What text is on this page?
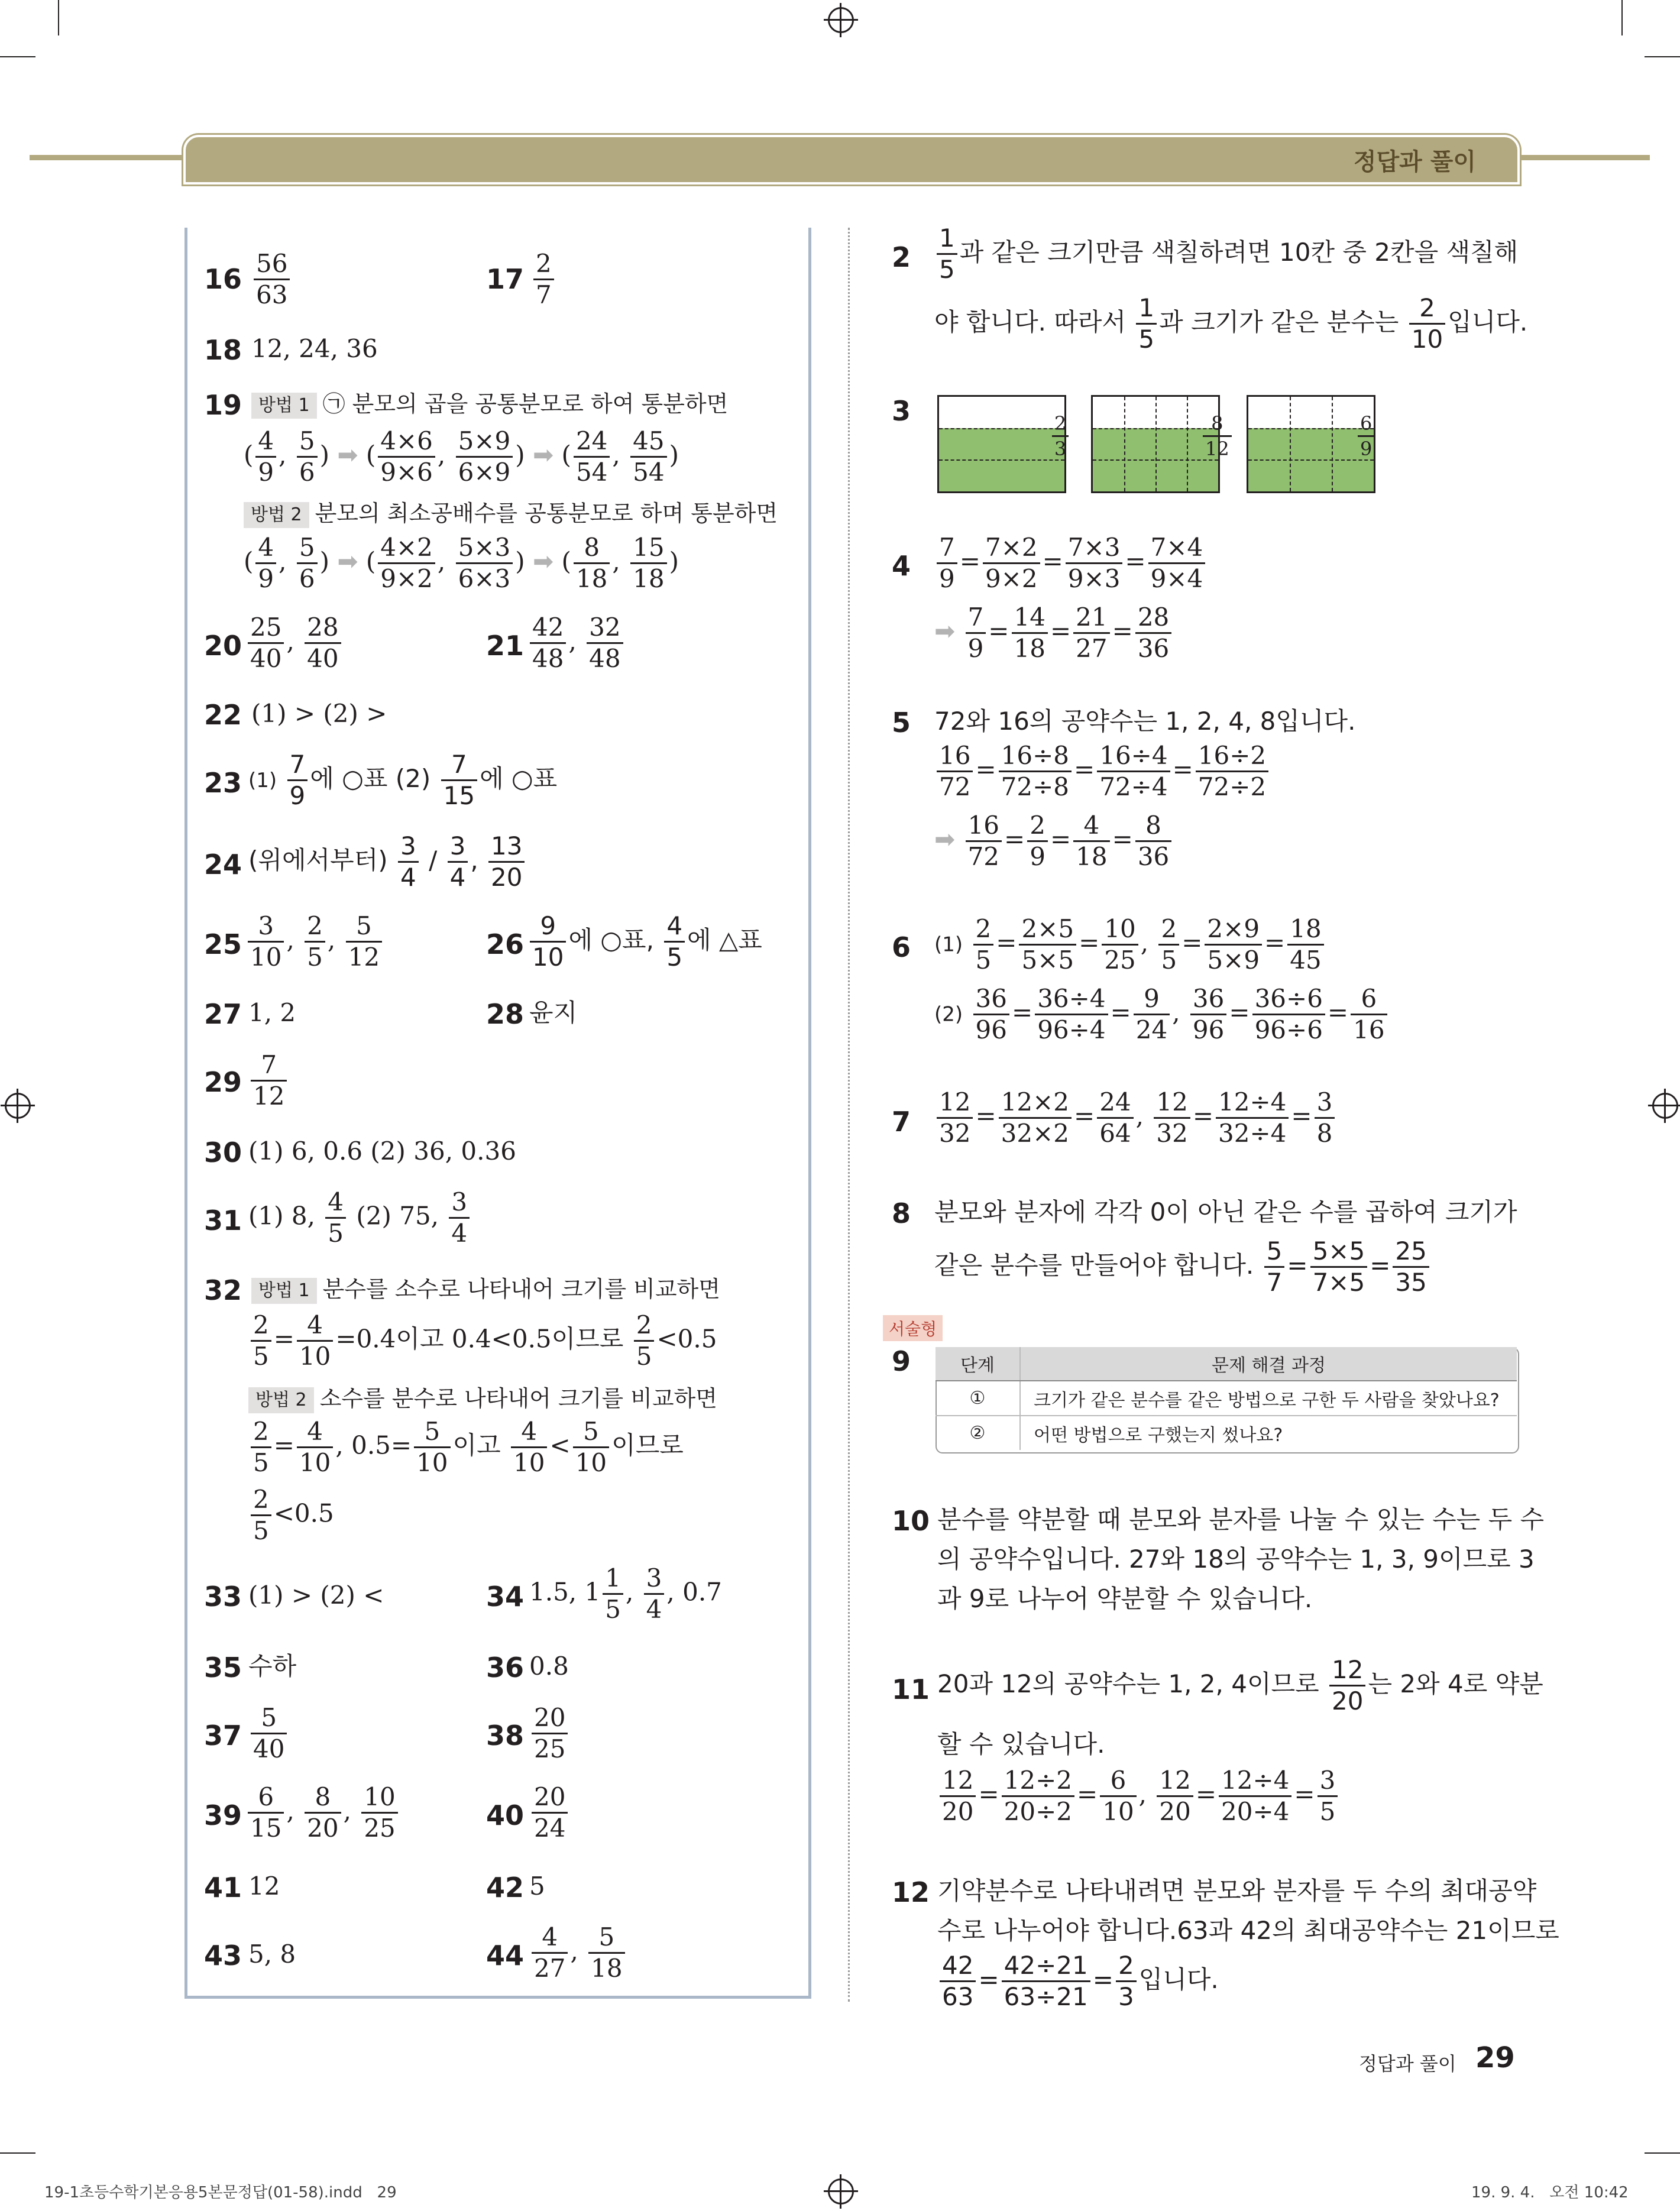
정답과 풀이
$16 \frac{56}{63}$	$17 \frac{2}{7}$
18 12, 24, 36
19 방법 1 ㉠ 분모의 곱을 공통분모로 하여 통분하면
( $\frac{4}{9}$ , $\frac{5}{6}$ ) ➡ ( $\frac{4\times 6}{9\times 6}$ , $\frac{5\times 9}{6\times 9}$ ) ➡ ( $\frac{24}{54}$ , $\frac{45}{54}$ )
방법 2 분모의 최소공배수를 공통분모로 하며 통분하면
( $\frac{4}{9}$ , $\frac{5}{6}$ ) ➡ ( $\frac{4\times 2}{9\times 2}$ , $\frac{5\times 3}{6\times 3}$ ) ➡ ( $\frac{8}{18}$ , $\frac{15}{18}$ )
$20 \frac{25}{40}$ , $\frac{28}{40}$	$21 \frac{42}{48}$ , $\frac{32}{48}$
22 (1) > (2) >
23 $(1) \frac{7}{9}$ 에 ○표 $(2) \frac{7}{15}$ 에 ○표
24 (위에서부터) $\frac{3}{4} / \frac{3}{4}$ , $\frac{13}{20}$
$25 \frac{3}{10}$ , $\frac{2}{5}$ , $\frac{5}{12}$	$26 \frac{9}{10}$ 에 ○표, $\frac{4}{5}$ 에 △표
27 1, 2	28 윤지
$29 \frac{7}{12}$
30 (1) 6, 0.6 (2) 36, 0.36
31 (1) 8, $\frac{4}{5} (2)$ 75, $\frac{3}{4}$
32 방법 1 분수를 소수로 나타내어 크기를 비교하면
$\frac{2}{5} = \frac{4}{10} =0.4$이고 0.4<0.5이므로 $\frac{2}{5} <0.5$
방법 2 소수를 분수로 나타내어 크기를 비교하면
$\frac{2}{5} = \frac{4}{10}$ , $0.5= \frac{5}{10}$ 이고 $\frac{4}{10} < \frac{5}{10}$ 이므로
$\frac{2}{5} <0.5$
33 (1) > (2) <	34 1.5, $1 \frac{1}{5}$ , $\frac{3}{4}$ , 0.7
35 수하	36 0.8
$37 \frac{5}{40}$	$38 \frac{20}{25}$
$39 \frac{6}{15}$ , $\frac{8}{20}$ , $\frac{10}{25}$	$40 \frac{20}{24}$
41 12	42 5
43 5, 8	$44 \frac{4}{27}$ , $\frac{5}{18}$
$2 \frac{1}{5}$ 과 같은 크기만큼 색칠하려면 10칸 중 2칸을 색칠해
야 합니다. 따라서 $\frac{1}{5}$ 과 크기가 같은 분수는 $\frac{2}{10}$ 입니다.
3
$\frac{2}{3}$	$\frac{8}{12}$	$\frac{6}{9}$
$4 \frac{7}{9} = \frac{7\times 2}{9\times 2} = \frac{7\times 3}{9\times 3} = \frac{7\times 4}{9\times 4}$
➡ $\frac{7}{9} = \frac{14}{18} = \frac{21}{27} = \frac{28}{36}$
5 72와 16의 공약수는 1, 2, 4, 8입니다.
$\frac{16}{72} = \frac{16\div 8}{72\div 8} = \frac{16\div 4}{72\div 4} = \frac{16\div 2}{72\div 2}$
➡ $\frac{16}{72} = \frac{2}{9} = \frac{4}{18} = \frac{8}{36}$
6 $(1) \frac{2}{5} = \frac{2\times 5}{5\times 5} = \frac{10}{25}$ , $\frac{2}{5} = \frac{2\times 9}{5\times 9} = \frac{18}{45}$
$(2) \frac{36}{96} = \frac{36\div 4}{96\div 4} = \frac{9}{24}$ , $\frac{36}{96} = \frac{36\div 6}{96\div 6} = \frac{6}{16}$
$7 \frac{12}{32} = \frac{12\times 2}{32\times 2} = \frac{24}{64}$ , $\frac{12}{32} = \frac{12\div 4}{32\div 4} = \frac{3}{8}$
8 분모와 분자에 각각 0이 아닌 같은 수를 곱하여 크기가
같은 분수를 만들어야 합니다. $\frac{5}{7} = \frac{5\times 5}{7\times 5} = \frac{25}{35}$
서술형
9	단계	문제 해결 과정
①	크기가 같은 분수를 같은 방법으로 구한 두 사람을 찾았나요?
②	어떤 방법으로 구했는지 썼나요?
10 분수를 약분할 때 분모와 분자를 나눌 수 있는 수는 두 수
의 공약수입니다. 27와 18의 공약수는 1, 3, 9이므로 3
과 9로 나누어 약분할 수 있습니다.
11 20과 12의 공약수는 1, 2, 4이므로 $\frac{12}{20}$ 는 2와 4로 약분
할 수 있습니다.
$\frac{12}{20} = \frac{12\div 2}{20\div 2} = \frac{6}{10}$ , $\frac{12}{20} = \frac{12\div 4}{20\div 4} = \frac{3}{5}$
12 기약분수로 나타내려면 분모와 분자를 두 수의 최대공약
수로 나누어야 합니다.63과 42의 최대공약수는 21이므로
$\frac{42}{63} = \frac{42\div 21}{63\div 21} = \frac{2}{3}$ 입니다.
정답과 풀이 29
19-1초등수학기본응용5본문정답(01-58).indd   29	19. 9. 4.   오전 10:42
